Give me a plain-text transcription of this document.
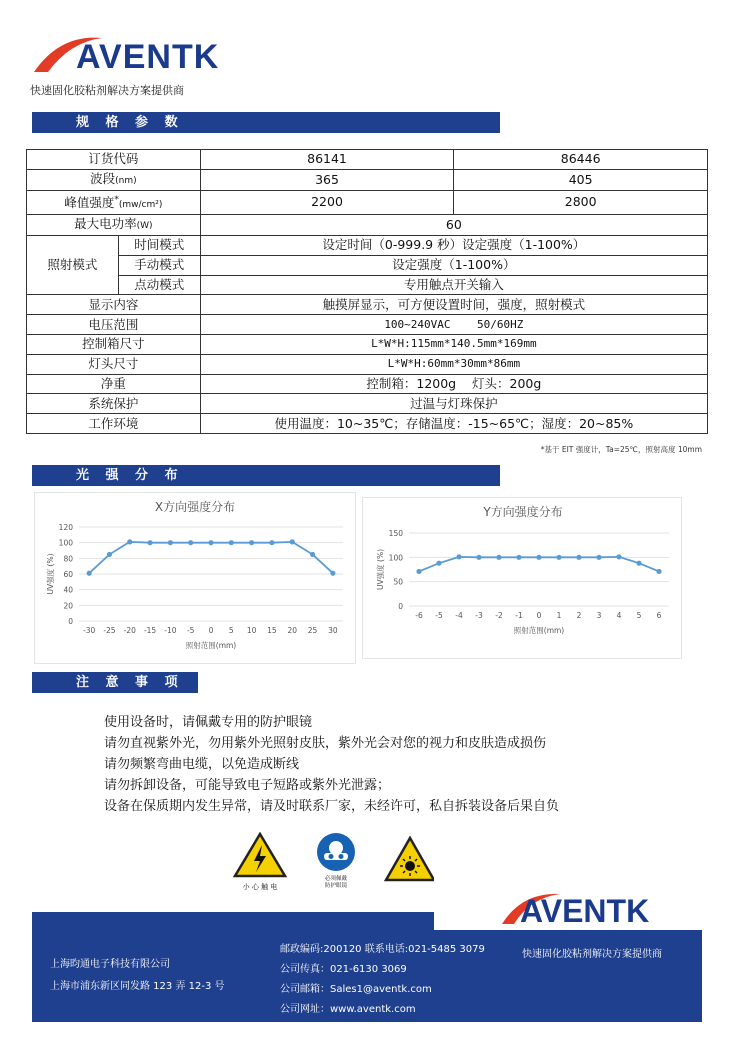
AVENTK
快速固化胶粘剂解决方案提供商
规 格 参 数
订货代码		86141	86446
波段(nm)		365	405
峰值强度*(mw/cm²)		2200	2800
最大电功率(W)		60	
照射模式	时间模式	设定时间（0-999.9 秒）设定强度（1-100%）	
	手动模式	设定强度（1-100%）	
	点动模式	专用触点开关输入	
显示内容		触摸屏显示，可方便设置时间，强度，照射模式	
电压范围		100~240VAC    50/60HZ	
控制箱尺寸		L*W*H:115mm*140.5mm*169mm	
灯头尺寸		L*W*H:60mm*30mm*86mm	
净重		控制箱：1200g    灯头：200g	
系统保护		过温与灯珠保护	
工作环境		使用温度：10~35℃；存储温度：-15~65℃；湿度：20~85%	
*基于 EIT 强度计，Ta=25℃，照射高度 10mm
光 强 分 布
X方向强度分布
0
20
40
60
80
100
120
-30 -25 -20 -15 -10 -5 0 5 10 15 20 25 30
照射范围(mm)
UV强度 (%)
Y方向强度分布
0
50
100
150
-6 -5 -4 -3 -2 -1 0 1 2 3 4 5 6
照射范围(mm)
UV强度 (%)
注 意 事 项
使用设备时，请佩戴专用的防护眼镜
请勿直视紫外光，勿用紫外光照射皮肤，紫外光会对您的视力和皮肤造成损伤
请勿频繁弯曲电缆，以免造成断线
请勿拆卸设备，可能导致电子短路或紫外光泄露；
设备在保质期内发生异常，请及时联系厂家，未经许可，私自拆装设备后果自负
小 心 触 电
必须佩戴
防护眼镜
AVENTK
上海昀通电子科技有限公司
上海市浦东新区同发路 123 弄 12-3 号
邮政编码:200120 联系电话:021-5485 3079
公司传真：021-6130 3069
公司邮箱：Sales1@aventk.com
公司网址：www.aventk.com
快速固化胶粘剂解决方案提供商
